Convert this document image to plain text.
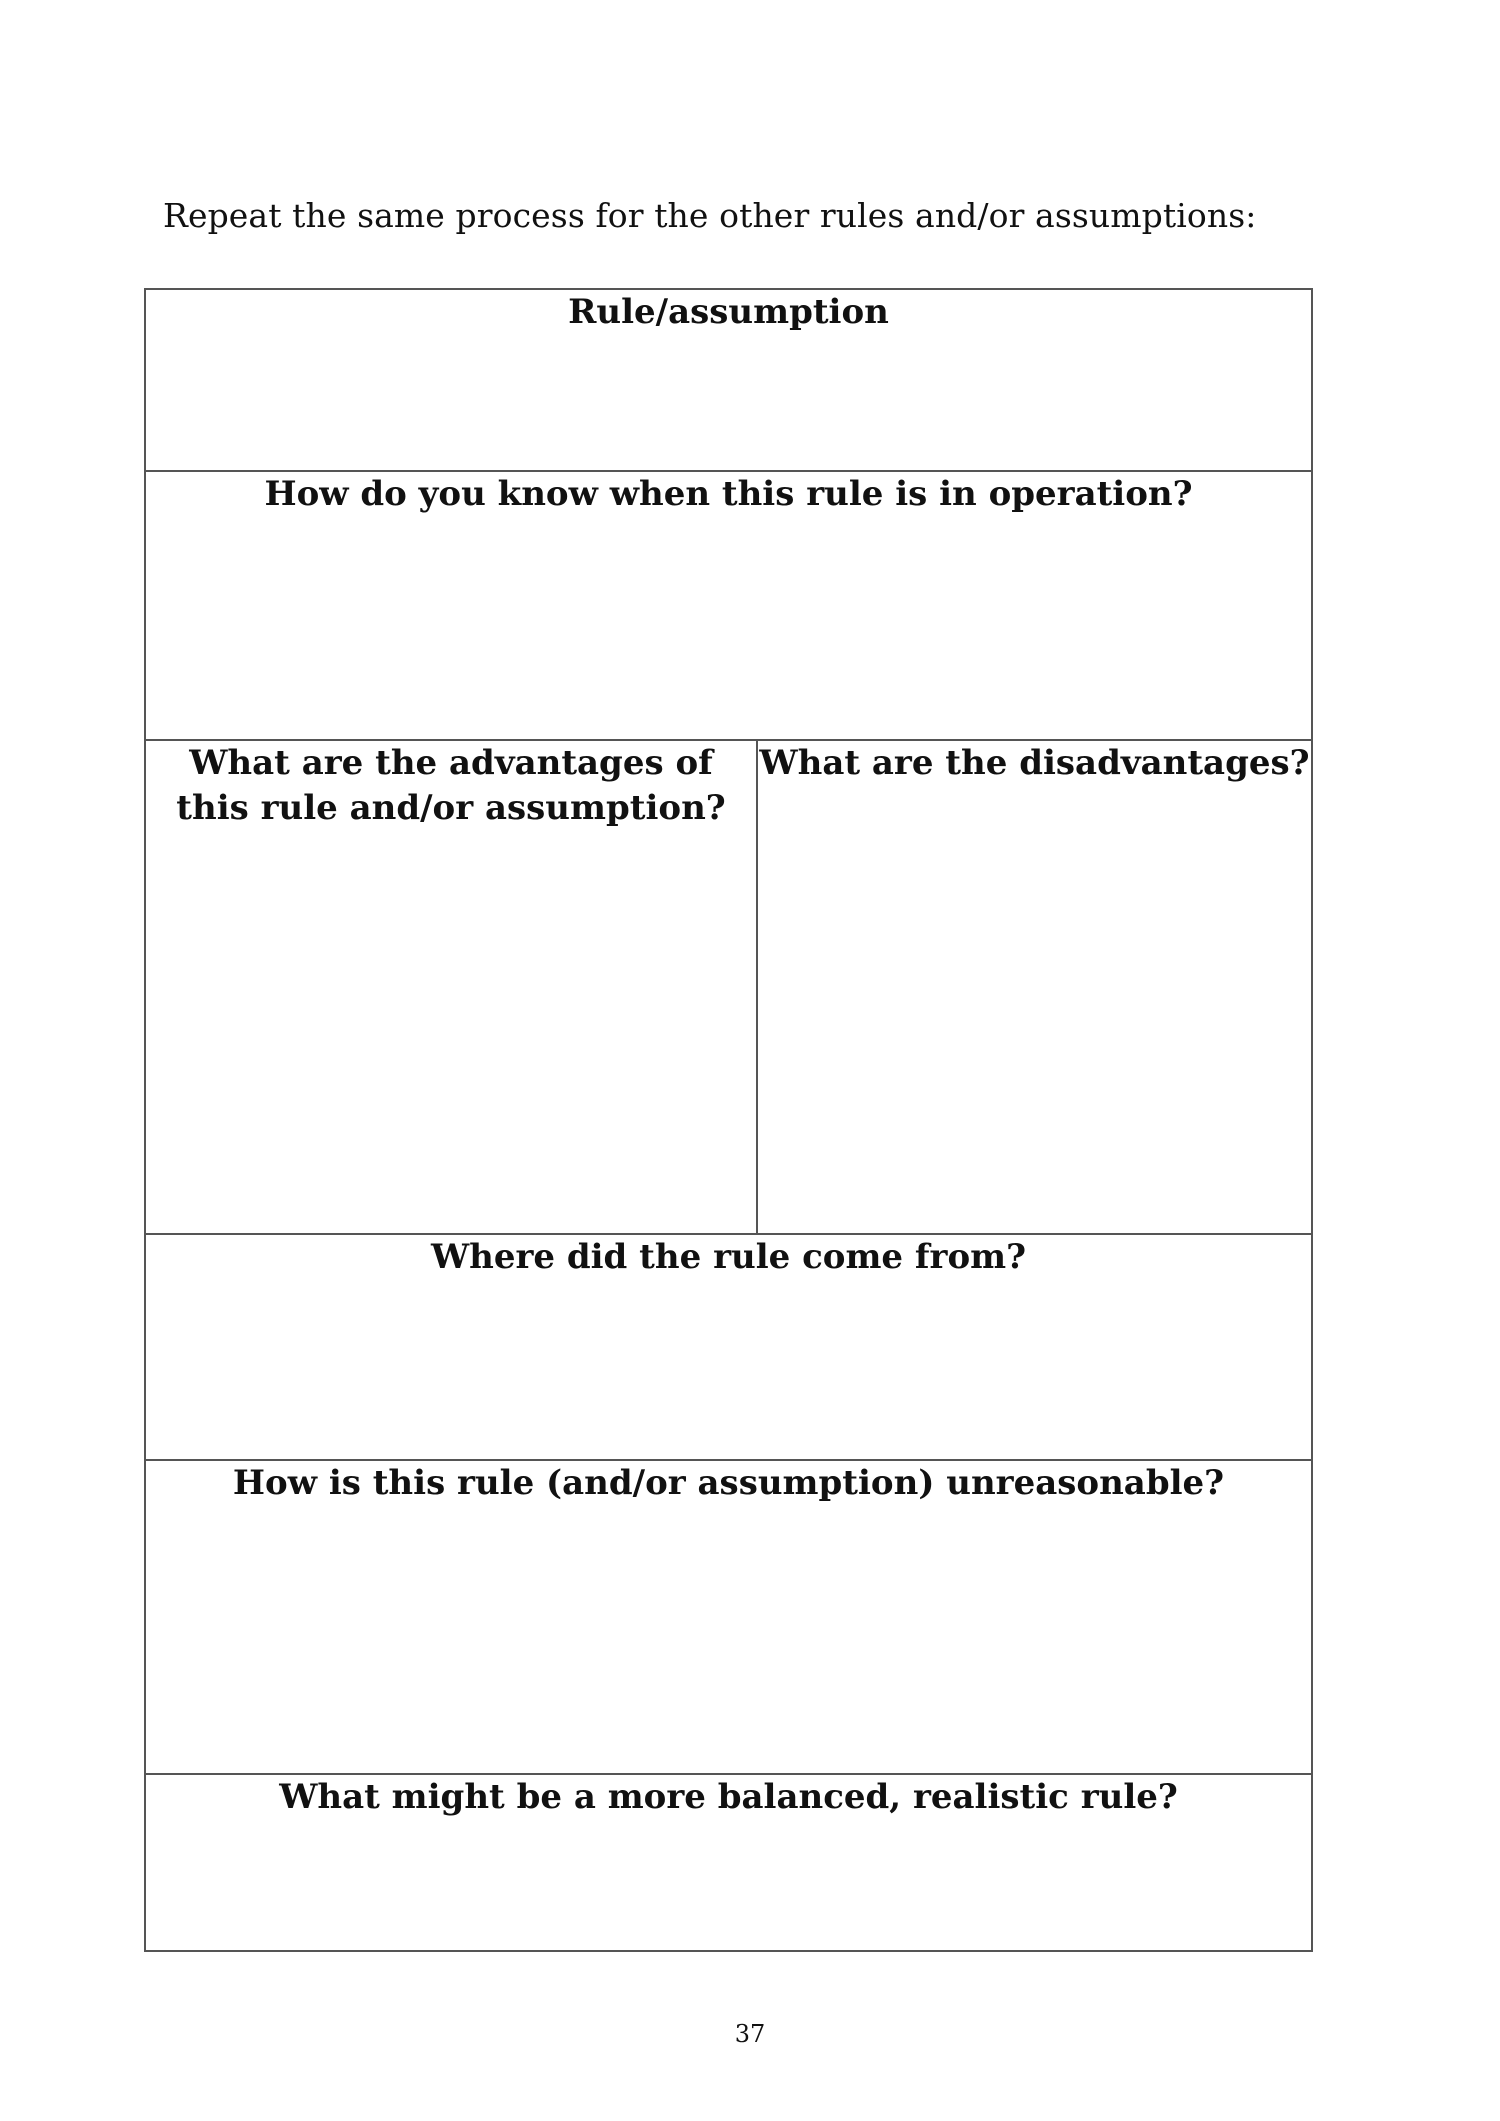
Repeat the same process for the other rules and/or assumptions:

Rule/assumption

How do you know when this rule is in operation?

What are the advantages of this rule and/or assumption?

What are the disadvantages?

Where did the rule come from?

How is this rule (and/or assumption) unreasonable?

What might be a more balanced, realistic rule?

37
